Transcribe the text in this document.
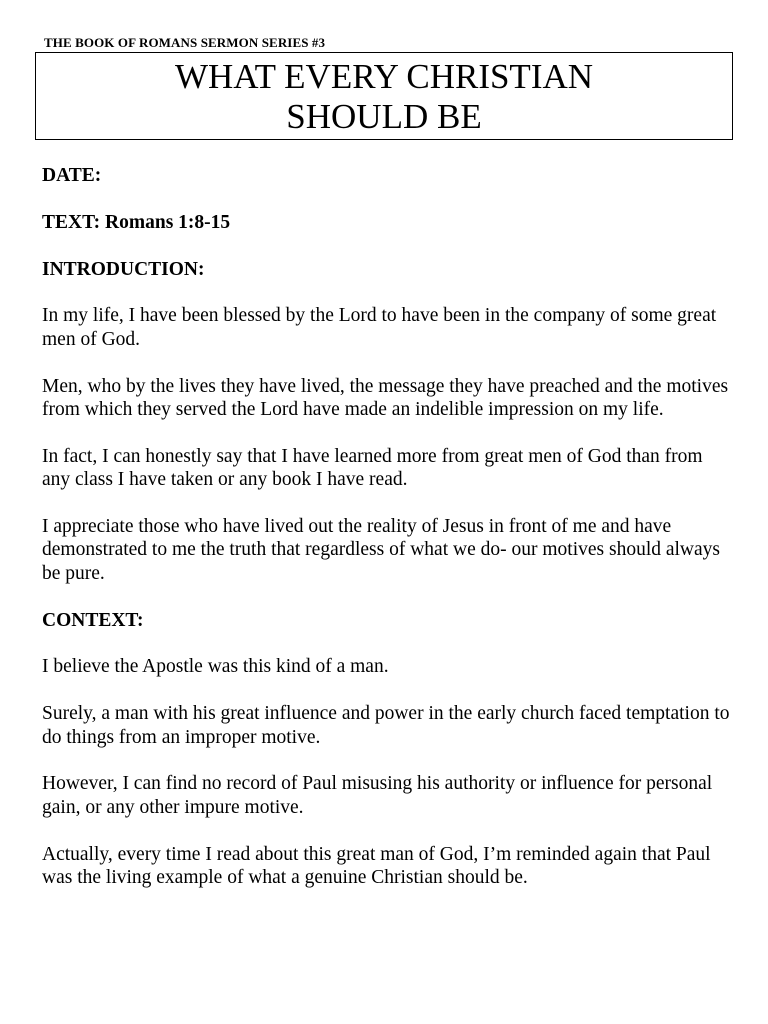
THE BOOK OF ROMANS SERMON SERIES #3
WHAT EVERY CHRISTIAN
SHOULD BE

DATE:

TEXT: Romans 1:8-15

INTRODUCTION:

In my life, I have been blessed by the Lord to have been in the company of some great men of God.

Men, who by the lives they have lived, the message they have preached and the motives from which they served the Lord have made an indelible impression on my life.

In fact, I can honestly say that I have learned more from great men of God than from any class I have taken or any book I have read.

I appreciate those who have lived out the reality of Jesus in front of me and have demonstrated to me the truth that regardless of what we do- our motives should always be pure.

CONTEXT:

I believe the Apostle was this kind of a man.

Surely, a man with his great influence and power in the early church faced temptation to do things from an improper motive.

However, I can find no record of Paul misusing his authority or influence for personal gain, or any other impure motive.

Actually, every time I read about this great man of God, I’m reminded again that Paul was the living example of what a genuine Christian should be.
